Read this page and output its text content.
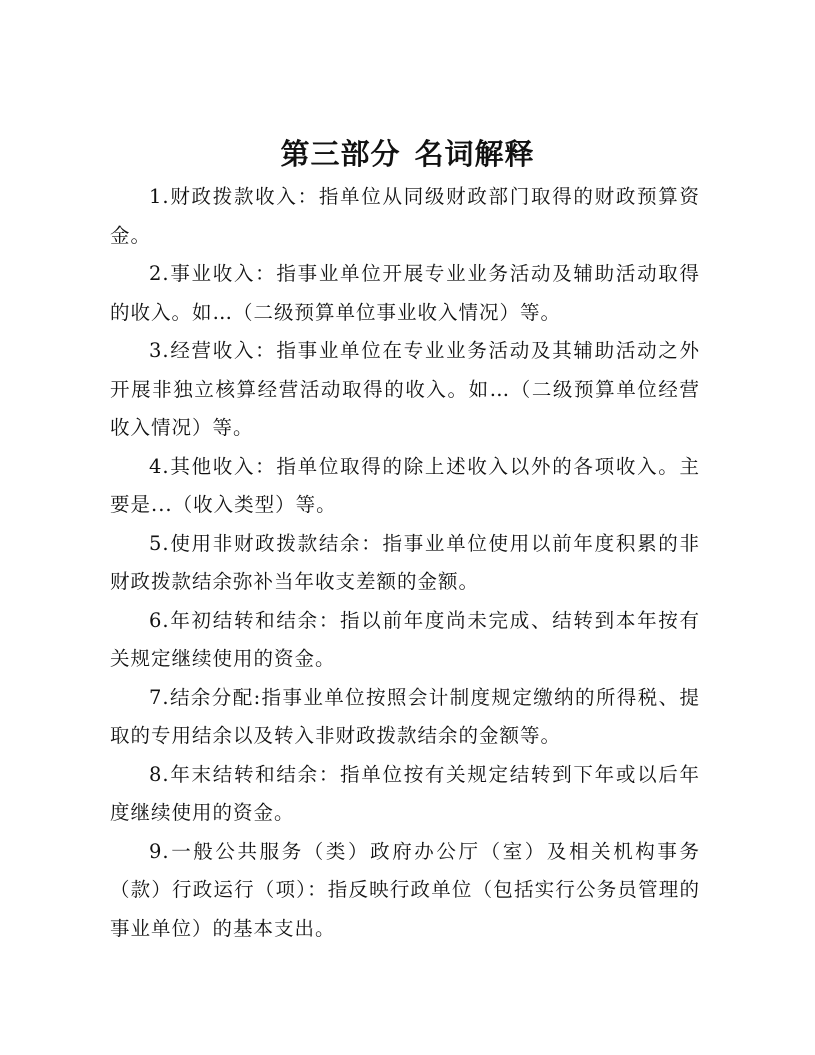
第三部分 名词解释

1.财政拨款收入：指单位从同级财政部门取得的财政预算资金。

2.事业收入：指事业单位开展专业业务活动及辅助活动取得的收入。如…（二级预算单位事业收入情况）等。

3.经营收入：指事业单位在专业业务活动及其辅助活动之外开展非独立核算经营活动取得的收入。如…（二级预算单位经营收入情况）等。

4.其他收入：指单位取得的除上述收入以外的各项收入。主要是...（收入类型）等。

5.使用非财政拨款结余：指事业单位使用以前年度积累的非财政拨款结余弥补当年收支差额的金额。

6.年初结转和结余：指以前年度尚未完成、结转到本年按有关规定继续使用的资金。

7.结余分配:指事业单位按照会计制度规定缴纳的所得税、提取的专用结余以及转入非财政拨款结余的金额等。

8.年末结转和结余：指单位按有关规定结转到下年或以后年度继续使用的资金。

9.一般公共服务（类）政府办公厅（室）及相关机构事务（款）行政运行（项）：指反映行政单位（包括实行公务员管理的事业单位）的基本支出。
